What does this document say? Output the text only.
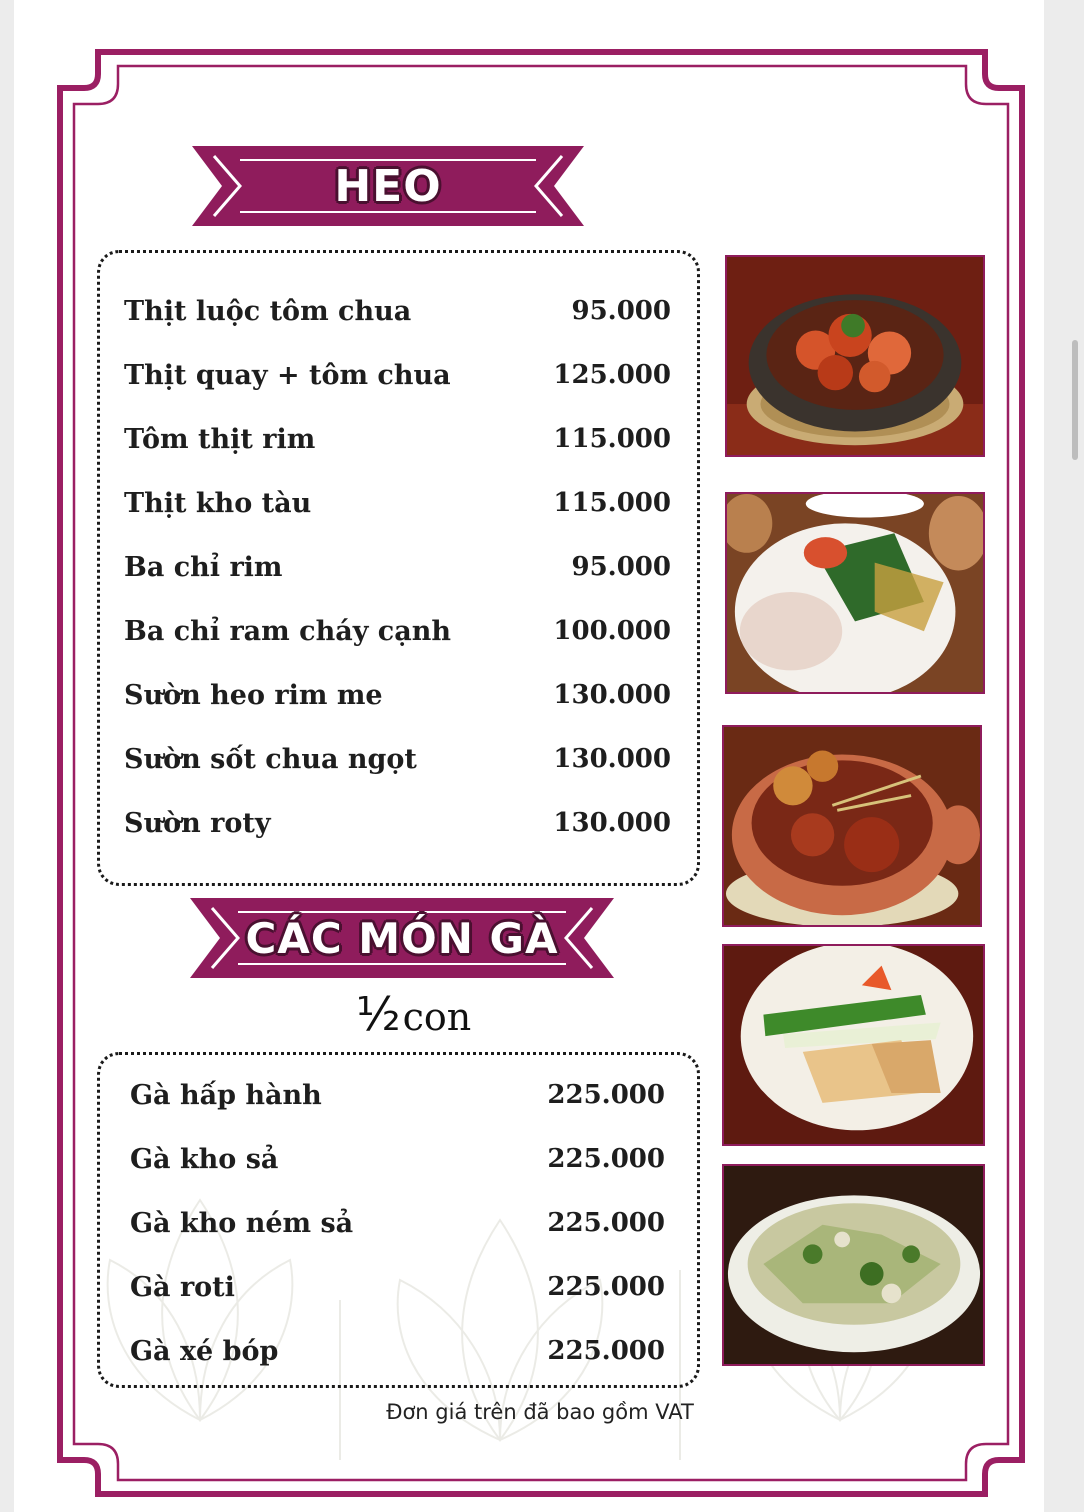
HEO
Thịt luộc tôm chua	95.000
Thịt quay + tôm chua	125.000
Tôm thịt rim	115.000
Thịt kho tàu	115.000
Ba chỉ rim	95.000
Ba chỉ ram cháy cạnh	100.000
Sườn heo rim me	130.000
Sườn sốt chua ngọt	130.000
Sườn roty	130.000
CÁC MÓN GÀ
½ con
Gà hấp hành	225.000
Gà kho sả	225.000
Gà kho ném sả	225.000
Gà roti	225.000
Gà xé bóp	225.000
Đơn giá trên đã bao gồm VAT
